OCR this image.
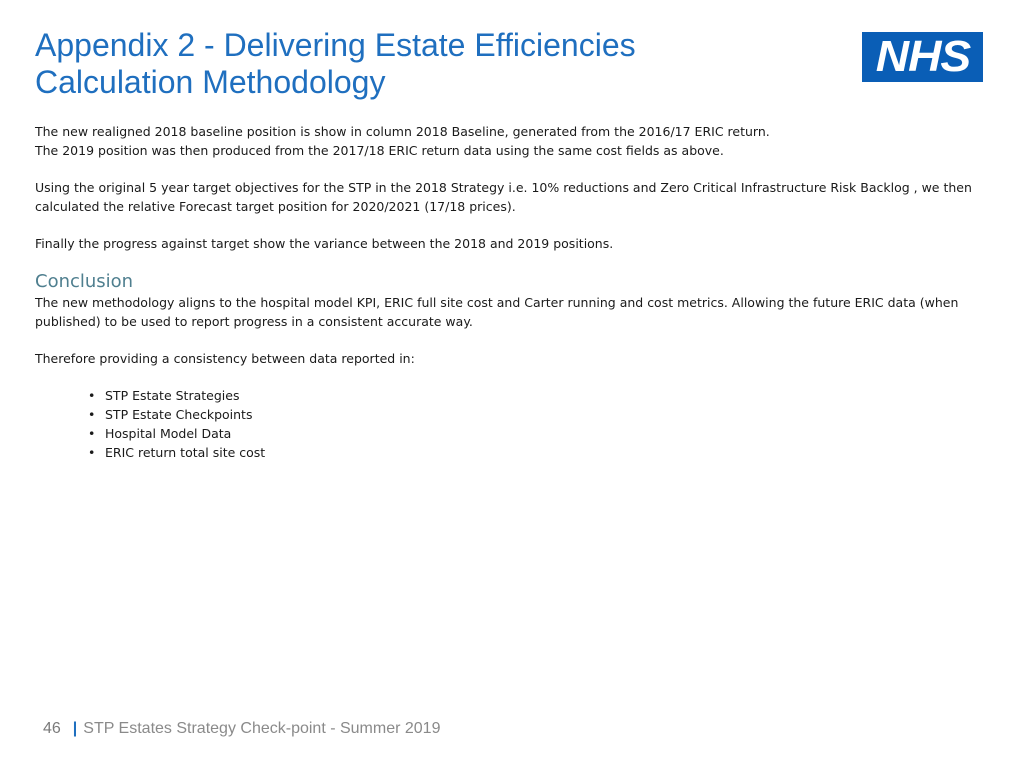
Appendix 2 - Delivering Estate Efficiencies
Calculation Methodology
NHS

The new realigned 2018 baseline position is show in column 2018 Baseline, generated from the 2016/17 ERIC return.

The 2019 position was then produced from the 2017/18 ERIC return data using the same cost fields as above.

Using the original 5 year target objectives for the STP in the 2018 Strategy i.e. 10% reductions and Zero Critical Infrastructure Risk Backlog , we then calculated the relative Forecast target position for 2020/2021 (17/18 prices).

Finally the progress against target show the variance between the 2018 and 2019 positions.

Conclusion

The new methodology aligns to the hospital model KPI, ERIC full site cost and Carter running and cost metrics. Allowing the future ERIC data (when published) to be used to report progress in a consistent accurate way.

Therefore providing a consistency between data reported in:

• STP Estate Strategies
• STP Estate Checkpoints
• Hospital Model Data
• ERIC return total site cost
46 | STP Estates Strategy Check-point - Summer 2019
